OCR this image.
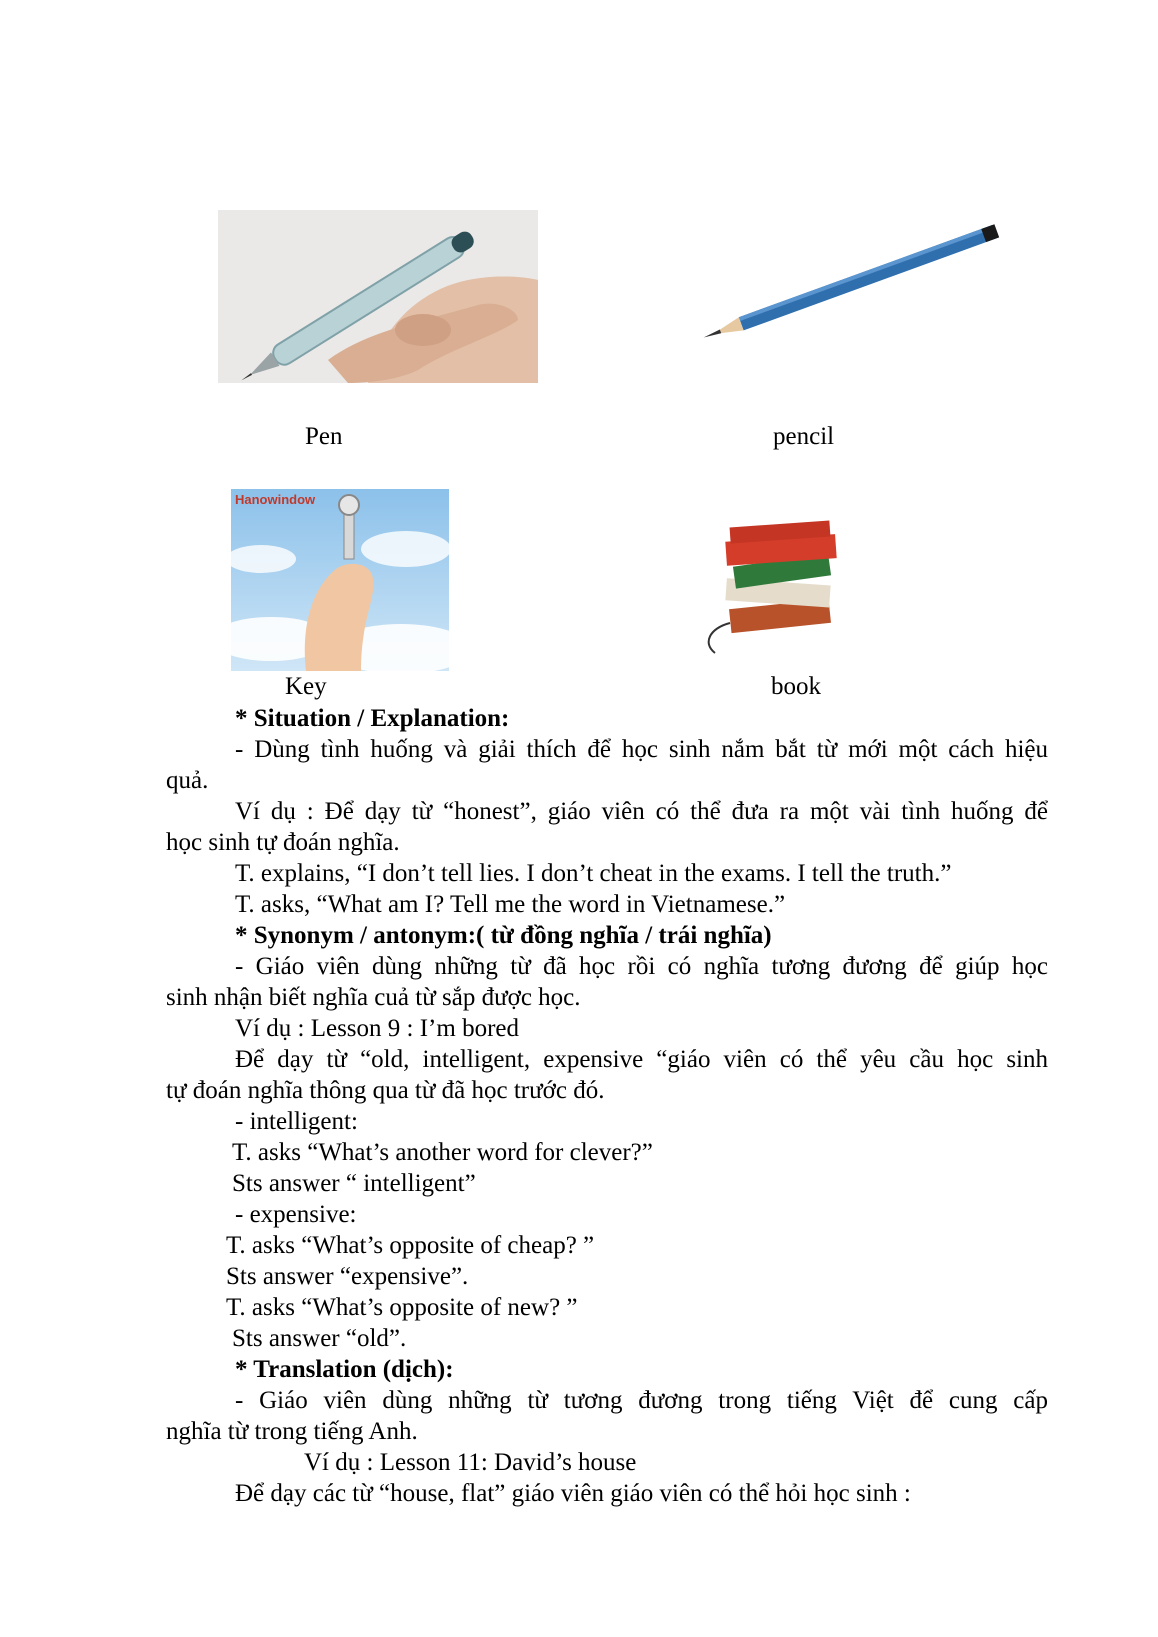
Pen	pencil
Hanowindow
Key	book
* Situation / Explanation:
- Dùng tình huống và giải thích để học sinh nắm bắt từ mới một cách hiệu
quả.
Ví dụ : Để dạy từ “honest”, giáo viên có thể đưa ra một vài tình huống để
học sinh tự đoán nghĩa.
T. explains, “I don’t tell lies. I don’t cheat in the exams. I tell the truth.”
T. asks, “What am I? Tell me the word in Vietnamese.”
* Synonym / antonym:( từ đồng nghĩa / trái nghĩa)
- Giáo viên dùng những từ đã học rồi có nghĩa tương đương để giúp học
sinh nhận biết nghĩa cuả từ sắp được học.
Ví dụ : Lesson 9 : I’m bored
Để dạy từ “old, intelligent, expensive “giáo viên có thể yêu cầu học sinh
tự đoán nghĩa thông qua từ đã học trước đó.
- intelligent:
T. asks “What’s another word for clever?”
Sts answer “ intelligent”
- expensive:
T. asks “What’s opposite of cheap? ”
Sts answer “expensive”.
T. asks “What’s opposite of new? ”
Sts answer “old”.
* Translation (dịch):
- Giáo viên dùng những từ tương đương trong tiếng Việt để cung cấp
nghĩa từ trong tiếng Anh.
Ví dụ : Lesson 11: David’s house
Để dạy các từ “house, flat” giáo viên giáo viên có thể hỏi học sinh :
